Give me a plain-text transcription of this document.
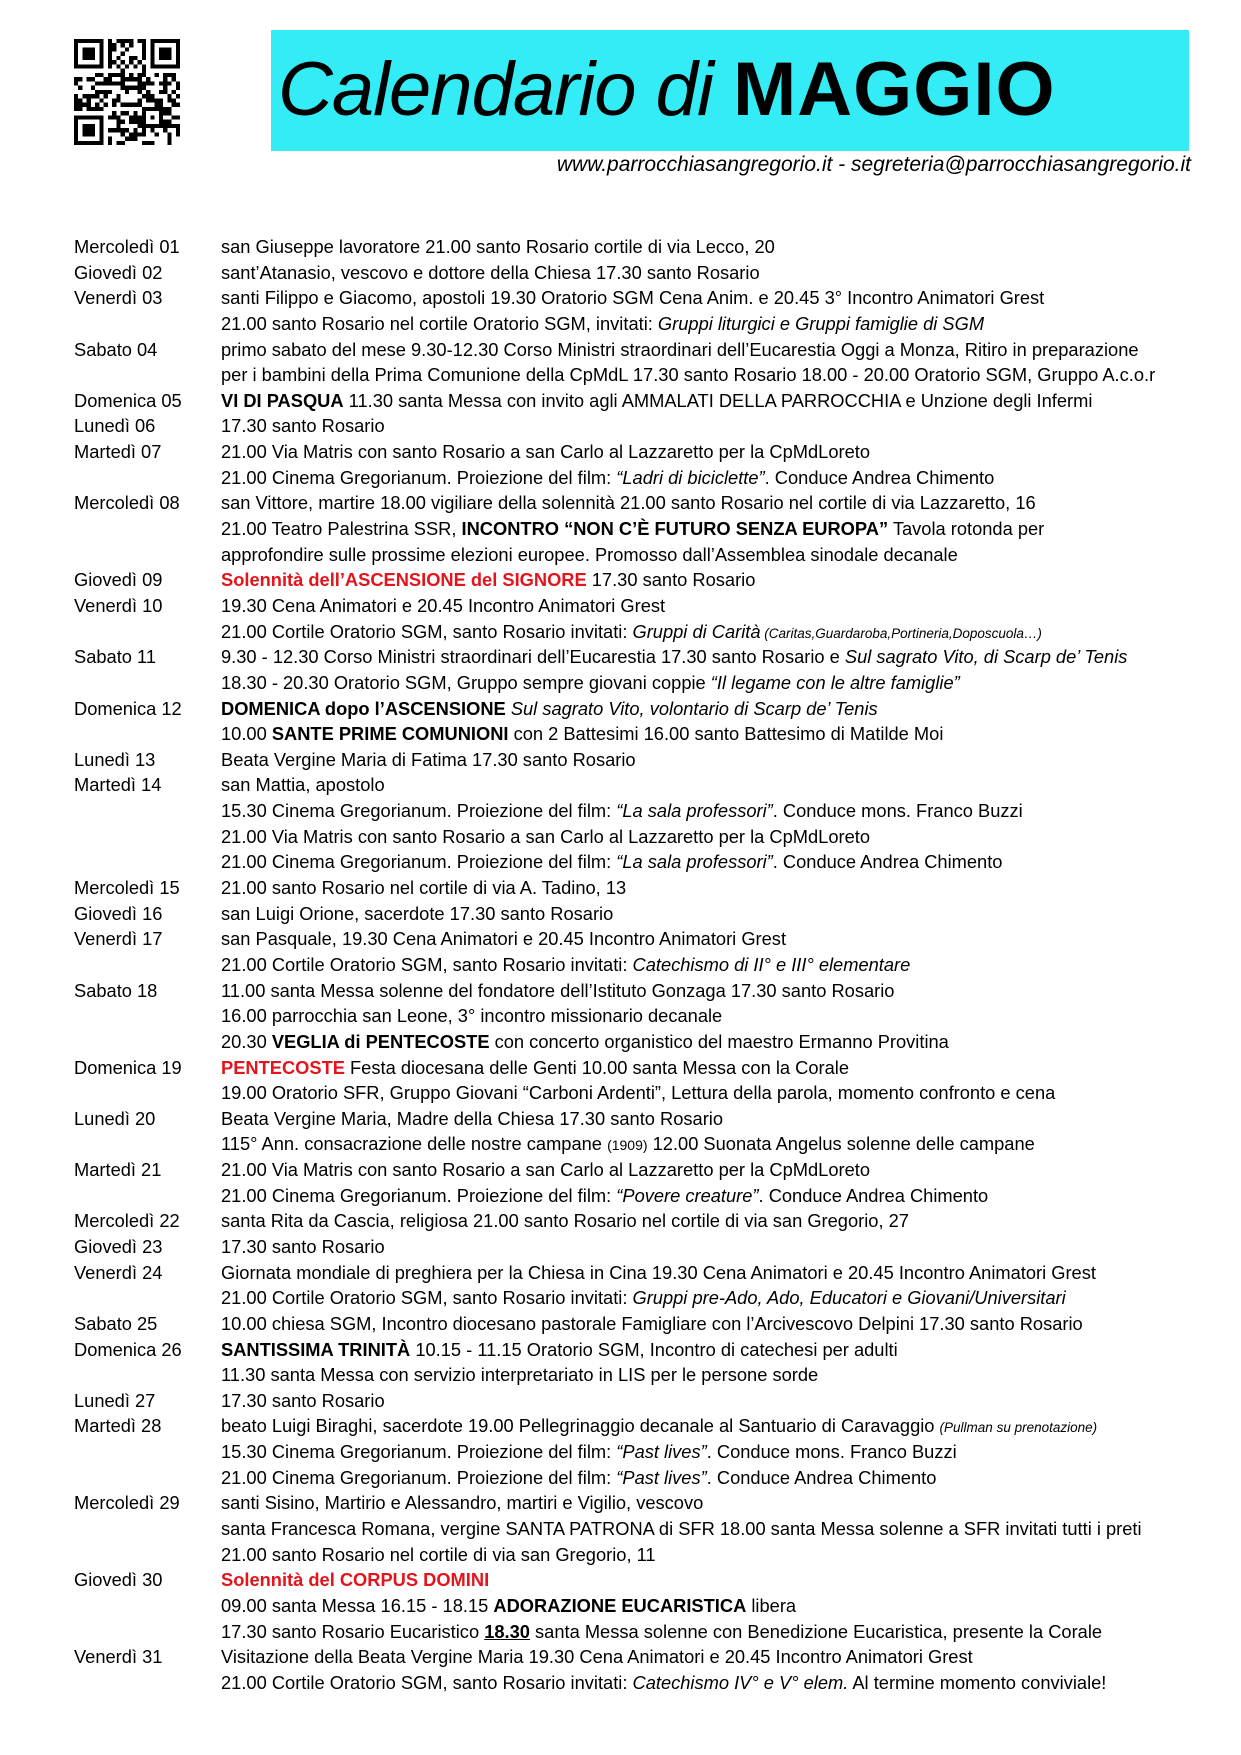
Calendario di MAGGIO
www.parrocchiasangregorio.it - segreteria@parrocchiasangregorio.it
Mercoledì 01 san Giuseppe lavoratore 21.00 santo Rosario cortile di via Lecco, 20
Giovedì 02	sant’Atanasio, vescovo e dottore della Chiesa 17.30 santo Rosario
Venerdì 03	santi Filippo e Giacomo, apostoli 19.30 Oratorio SGM Cena Anim. e 20.45 3° Incontro Animatori Grest
21.00 santo Rosario nel cortile Oratorio SGM, invitati: Gruppi liturgici e Gruppi famiglie di SGM
Sabato 04	primo sabato del mese 9.30-12.30 Corso Ministri straordinari dell’Eucarestia Oggi a Monza, Ritiro in preparazione
per i bambini della Prima Comunione della CpMdL 17.30 santo Rosario 18.00 - 20.00 Oratorio SGM, Gruppo A.c.o.r
Domenica 05 VI DI PASQUA 11.30 santa Messa con invito agli AMMALATI DELLA PARROCCHIA e Unzione degli Infermi
Lunedì 06	17.30 santo Rosario
Martedì 07	21.00 Via Matris con santo Rosario a san Carlo al Lazzaretto per la CpMdLoreto
21.00 Cinema Gregorianum. Proiezione del film: “Ladri di biciclette”. Conduce Andrea Chimento
Mercoledì 08 san Vittore, martire 18.00 vigiliare della solennità 21.00 santo Rosario nel cortile di via Lazzaretto, 16
21.00 Teatro Palestrina SSR, INCONTRO “NON C’È FUTURO SENZA EUROPA” Tavola rotonda per
approfondire sulle prossime elezioni europee. Promosso dall’Assemblea sinodale decanale
Giovedì 09	Solennità dell’ASCENSIONE del SIGNORE 17.30 santo Rosario
Venerdì 10	19.30 Cena Animatori e 20.45 Incontro Animatori Grest
21.00 Cortile Oratorio SGM, santo Rosario invitati: Gruppi di Carità (Caritas,Guardaroba,Portineria,Doposcuola…)
Sabato 11	9.30 - 12.30 Corso Ministri straordinari dell’Eucarestia 17.30 santo Rosario e Sul sagrato Vito, di Scarp de’ Tenis
18.30 - 20.30 Oratorio SGM, Gruppo sempre giovani coppie “Il legame con le altre famiglie”
Domenica 12 DOMENICA dopo l’ASCENSIONE Sul sagrato Vito, volontario di Scarp de’ Tenis
10.00 SANTE PRIME COMUNIONI con 2 Battesimi 16.00 santo Battesimo di Matilde Moi
Lunedì 13	Beata Vergine Maria di Fatima 17.30 santo Rosario
Martedì 14	san Mattia, apostolo
15.30 Cinema Gregorianum. Proiezione del film: “La sala professori”. Conduce mons. Franco Buzzi
21.00 Via Matris con santo Rosario a san Carlo al Lazzaretto per la CpMdLoreto
21.00 Cinema Gregorianum. Proiezione del film: “La sala professori”. Conduce Andrea Chimento
Mercoledì 15 21.00 santo Rosario nel cortile di via A. Tadino, 13
Giovedì 16	san Luigi Orione, sacerdote 17.30 santo Rosario
Venerdì 17	san Pasquale, 19.30 Cena Animatori e 20.45 Incontro Animatori Grest
21.00 Cortile Oratorio SGM, santo Rosario invitati: Catechismo di II° e III° elementare
Sabato 18	11.00 santa Messa solenne del fondatore dell’Istituto Gonzaga 17.30 santo Rosario
16.00 parrocchia san Leone, 3° incontro missionario decanale
20.30 VEGLIA di PENTECOSTE con concerto organistico del maestro Ermanno Provitina
Domenica 19 PENTECOSTE Festa diocesana delle Genti 10.00 santa Messa con la Corale
19.00 Oratorio SFR, Gruppo Giovani “Carboni Ardenti”, Lettura della parola, momento confronto e cena
Lunedì 20	Beata Vergine Maria, Madre della Chiesa 17.30 santo Rosario
115° Ann. consacrazione delle nostre campane (1909) 12.00 Suonata Angelus solenne delle campane
Martedì 21	21.00 Via Matris con santo Rosario a san Carlo al Lazzaretto per la CpMdLoreto
21.00 Cinema Gregorianum. Proiezione del film: “Povere creature”. Conduce Andrea Chimento
Mercoledì 22 santa Rita da Cascia, religiosa 21.00 santo Rosario nel cortile di via san Gregorio, 27
Giovedì 23	17.30 santo Rosario
Venerdì 24	Giornata mondiale di preghiera per la Chiesa in Cina 19.30 Cena Animatori e 20.45 Incontro Animatori Grest
21.00 Cortile Oratorio SGM, santo Rosario invitati: Gruppi pre-Ado, Ado, Educatori e Giovani/Universitari
Sabato 25	10.00 chiesa SGM, Incontro diocesano pastorale Famigliare con l’Arcivescovo Delpini 17.30 santo Rosario
Domenica 26 SANTISSIMA TRINITÀ 10.15 - 11.15 Oratorio SGM, Incontro di catechesi per adulti
11.30 santa Messa con servizio interpretariato in LIS per le persone sorde
Lunedì 27	17.30 santo Rosario
Martedì 28	beato Luigi Biraghi, sacerdote 19.00 Pellegrinaggio decanale al Santuario di Caravaggio (Pullman su prenotazione)
15.30 Cinema Gregorianum. Proiezione del film: “Past lives”. Conduce mons. Franco Buzzi
21.00 Cinema Gregorianum. Proiezione del film: “Past lives”. Conduce Andrea Chimento
Mercoledì 29 santi Sisino, Martirio e Alessandro, martiri e Vigilio, vescovo
santa Francesca Romana, vergine SANTA PATRONA di SFR 18.00 santa Messa solenne a SFR invitati tutti i preti
21.00 santo Rosario nel cortile di via san Gregorio, 11
Giovedì 30	Solennità del CORPUS DOMINI
09.00 santa Messa 16.15 - 18.15 ADORAZIONE EUCARISTICA libera
17.30 santo Rosario Eucaristico 18.30 santa Messa solenne con Benedizione Eucaristica, presente la Corale
Venerdì 31	Visitazione della Beata Vergine Maria 19.30 Cena Animatori e 20.45 Incontro Animatori Grest
21.00 Cortile Oratorio SGM, santo Rosario invitati: Catechismo IV° e V° elem. Al termine momento conviviale!
